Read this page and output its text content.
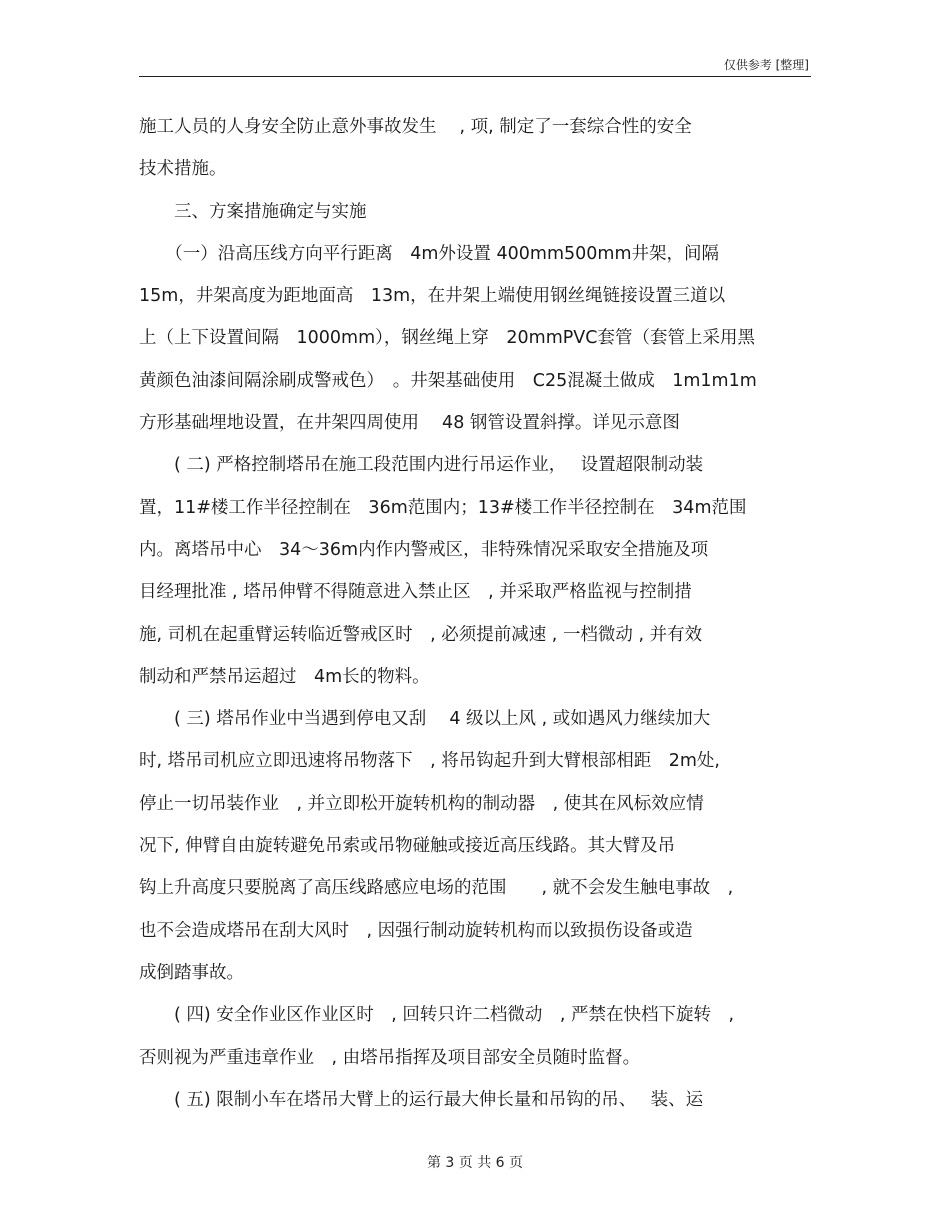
仅供参考 [整理]
施工人员的人身安全防止意外事故发生　 , 项, 制定了一套综合性的安全
技术措施。
　　三、方案措施确定与实施
　　（一）沿高压线方向平行距离　4m外设置 400mm500mm井架，间隔
15m，井架高度为距地面高　13m，在井架上端使用钢丝绳链接设置三道以
上（上下设置间隔　1000mm），钢丝绳上穿　20mmPVC套管（套管上采用黑
黄颜色油漆间隔涂刷成警戒色）　。井架基础使用　C25混凝土做成　1m1m1m
方形基础埋地设置，在井架四周使用　 48 钢管设置斜撑。详见示意图
　　( 二) 严格控制塔吊在施工段范围内进行吊运作业，　 设置超限制动装
置，11#楼工作半径控制在　36m范围内；13#楼工作半径控制在　34m范围
内。离塔吊中心　34～36m内作内警戒区，非特殊情况采取安全措施及项
目经理批准 , 塔吊伸臂不得随意进入禁止区　, 并采取严格监视与控制措
施, 司机在起重臂运转临近警戒区时　, 必须提前减速 , 一档微动 , 并有效
制动和严禁吊运超过　4m长的物料。
　　( 三) 塔吊作业中当遇到停电又刮　 4 级以上风 , 或如遇风力继续加大
时, 塔吊司机应立即迅速将吊物落下　, 将吊钩起升到大臂根部相距　2m处,
停止一切吊装作业　, 并立即松开旋转机构的制动器　, 使其在风标效应情
况下, 伸臂自由旋转避免吊索或吊物碰触或接近高压线路。其大臂及吊
钩上升高度只要脱离了高压线路感应电场的范围　　, 就不会发生触电事故　,
也不会造成塔吊在刮大风时　, 因强行制动旋转机构而以致损伤设备或造
成倒踏事故。
　　( 四) 安全作业区作业区时　, 回转只许二档微动　, 严禁在快档下旋转　,
否则视为严重违章作业　, 由塔吊指挥及项目部安全员随时监督。
　　( 五) 限制小车在塔吊大臂上的运行最大伸长量和吊钩的吊、　 装、运
第 3 页 共 6 页
